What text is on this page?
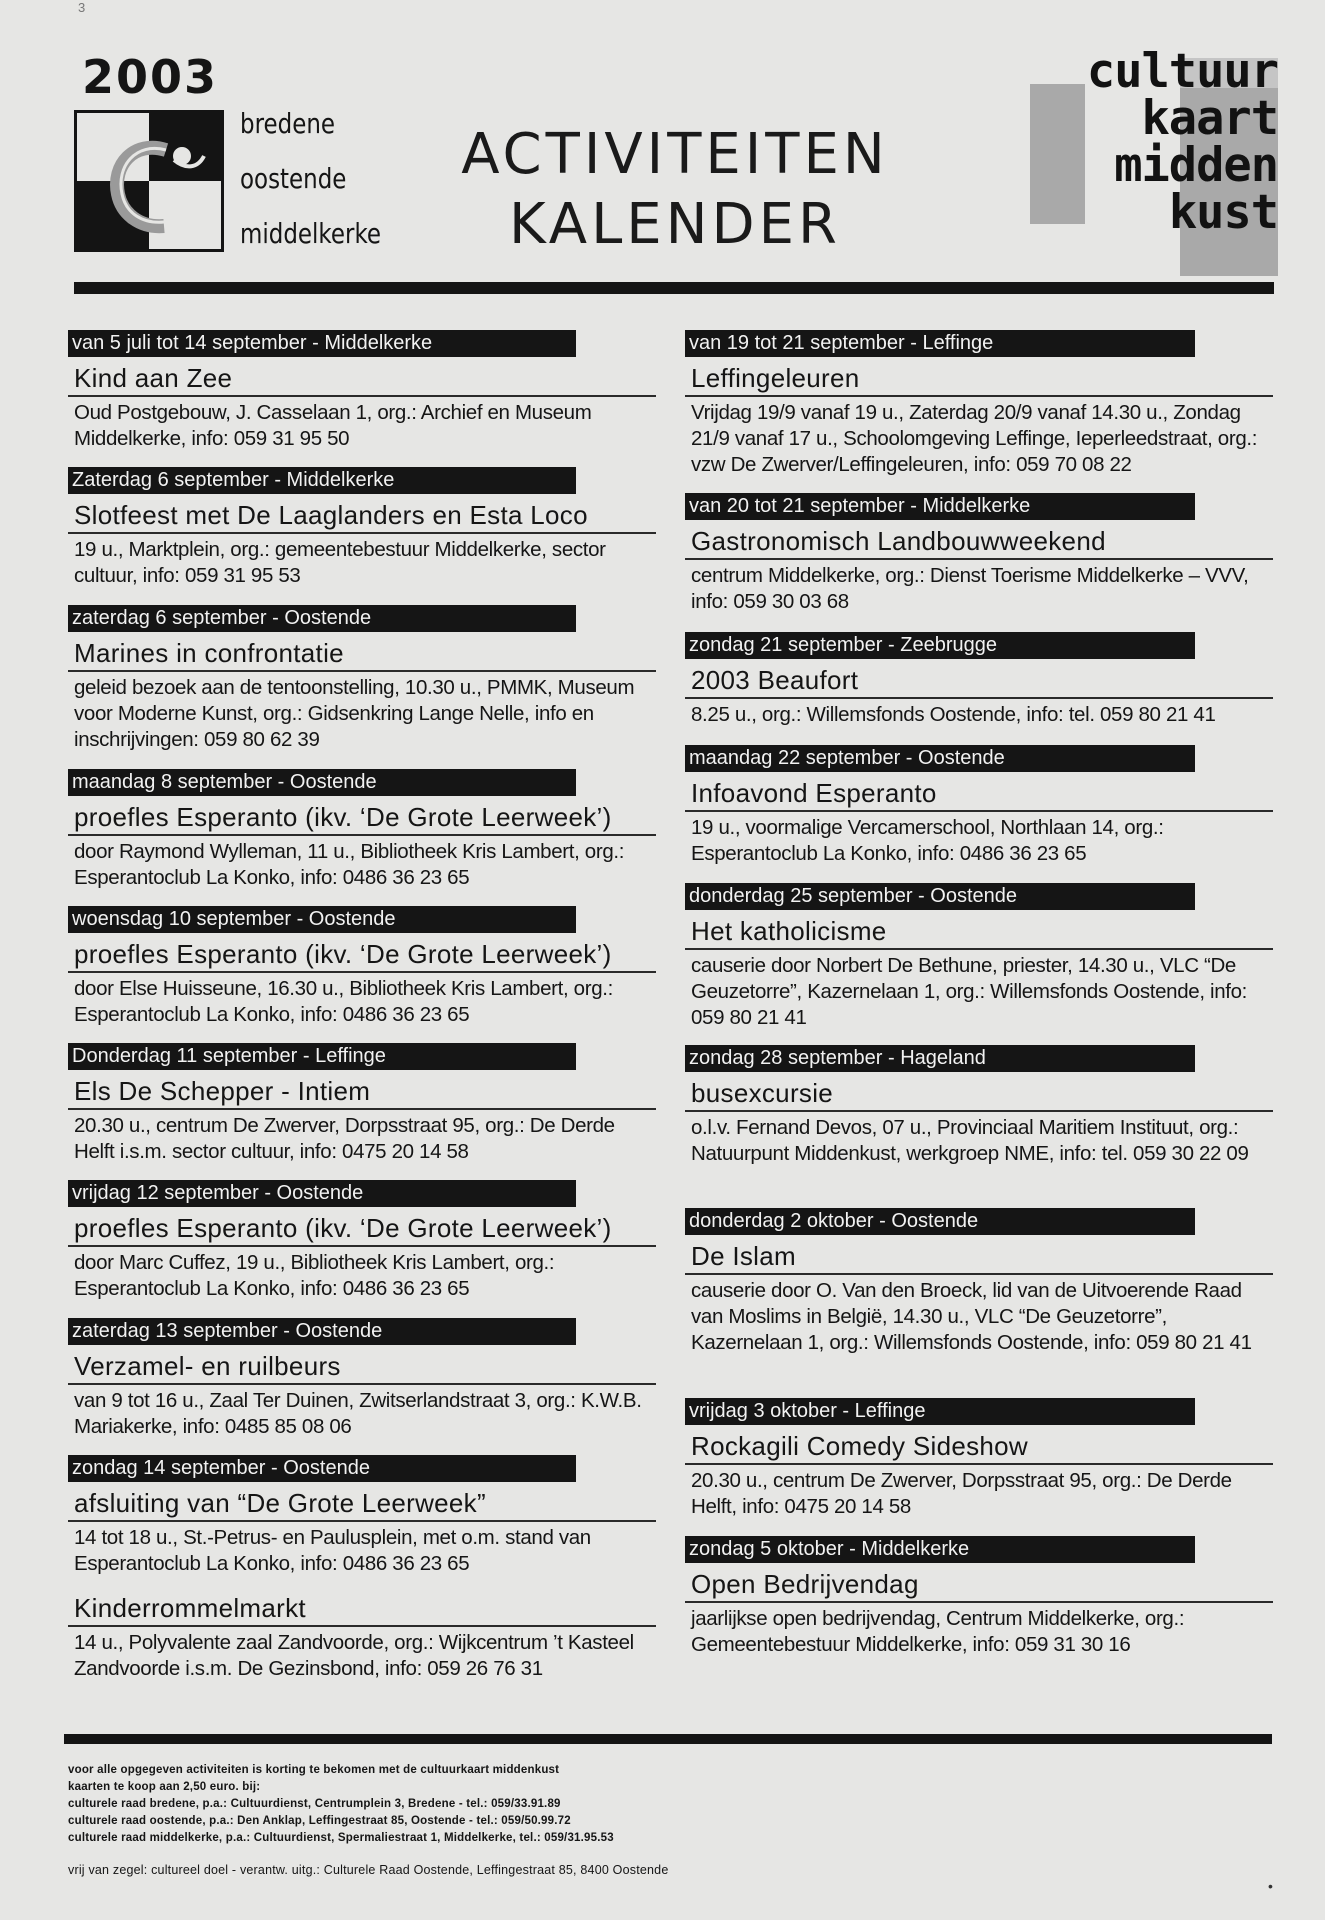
3
2003
bredene
oostende
middelkerke
ACTIVITEITEN
KALENDER
cultuur
kaart
midden
kust
van 5 juli tot 14 september - Middelkerke
Kind aan Zee
Oud Postgebouw, J. Casselaan 1, org.: Archief en Museum Middelkerke, info: 059 31 95 50
Zaterdag 6 september - Middelkerke
Slotfeest met De Laaglanders en Esta Loco
19 u., Marktplein, org.: gemeentebestuur Middelkerke, sector cultuur, info: 059 31 95 53
zaterdag 6 september - Oostende
Marines in confrontatie
geleid bezoek aan de tentoonstelling, 10.30 u., PMMK, Museum voor Moderne Kunst, org.: Gidsenkring Lange Nelle, info en inschrijvingen: 059 80 62 39
maandag 8 september - Oostende
proefles Esperanto (ikv. ‘De Grote Leerweek’)
door Raymond Wylleman, 11 u., Bibliotheek Kris Lambert, org.: Esperantoclub La Konko, info: 0486 36 23 65
woensdag 10 september - Oostende
proefles Esperanto (ikv. ‘De Grote Leerweek’)
door Else Huisseune, 16.30 u., Bibliotheek Kris Lambert, org.: Esperantoclub La Konko, info: 0486 36 23 65
Donderdag 11 september - Leffinge
Els De Schepper - Intiem
20.30 u., centrum De Zwerver, Dorpsstraat 95, org.: De Derde Helft i.s.m. sector cultuur, info: 0475 20 14 58
vrijdag 12 september - Oostende
proefles Esperanto (ikv. ‘De Grote Leerweek’)
door Marc Cuffez, 19 u., Bibliotheek Kris Lambert, org.: Esperantoclub La Konko, info: 0486 36 23 65
zaterdag 13 september - Oostende
Verzamel- en ruilbeurs
van 9 tot 16 u., Zaal Ter Duinen, Zwitserlandstraat 3, org.: K.W.B. Mariakerke, info: 0485 85 08 06
zondag 14 september - Oostende
afsluiting van “De Grote Leerweek”
14 tot 18 u., St.-Petrus- en Paulusplein, met o.m. stand van Esperantoclub La Konko, info: 0486 36 23 65
Kinderrommelmarkt
14 u., Polyvalente zaal Zandvoorde, org.: Wijkcentrum ’t Kasteel Zandvoorde i.s.m. De Gezinsbond, info: 059 26 76 31
van 19 tot 21 september - Leffinge
Leffingeleuren
Vrijdag 19/9 vanaf 19 u., Zaterdag 20/9 vanaf 14.30 u., Zondag 21/9 vanaf 17 u., Schoolomgeving Leffinge, Ieperleedstraat, org.: vzw De Zwerver/Leffingeleuren, info: 059 70 08 22
van 20 tot 21 september - Middelkerke
Gastronomisch Landbouwweekend
centrum Middelkerke, org.: Dienst Toerisme Middelkerke – VVV, info: 059 30 03 68
zondag 21 september - Zeebrugge
2003 Beaufort
8.25 u., org.: Willemsfonds Oostende, info: tel. 059 80 21 41
maandag 22 september - Oostende
Infoavond Esperanto
19 u., voormalige Vercamerschool, Northlaan 14, org.: Esperantoclub La Konko, info: 0486 36 23 65
donderdag 25 september - Oostende
Het katholicisme
causerie door Norbert De Bethune, priester, 14.30 u., VLC “De Geuzetorre”, Kazernelaan 1, org.: Willemsfonds Oostende, info: 059 80 21 41
zondag 28 september - Hageland
busexcursie
o.l.v. Fernand Devos, 07 u., Provinciaal Maritiem Instituut, org.: Natuurpunt Middenkust, werkgroep NME, info: tel. 059 30 22 09
donderdag 2 oktober - Oostende
De Islam
causerie door O. Van den Broeck, lid van de Uitvoerende Raad van Moslims in België, 14.30 u., VLC “De Geuzetorre”, Kazernelaan 1, org.: Willemsfonds Oostende, info: 059 80 21 41
vrijdag 3 oktober - Leffinge
Rockagili Comedy Sideshow
20.30 u., centrum De Zwerver, Dorpsstraat 95, org.: De Derde Helft, info: 0475 20 14 58
zondag 5 oktober - Middelkerke
Open Bedrijvendag
jaarlijkse open bedrijvendag, Centrum Middelkerke, org.: Gemeentebestuur Middelkerke, info: 059 31 30 16
voor alle opgegeven activiteiten is korting te bekomen met de cultuurkaart middenkust
kaarten te koop aan 2,50 euro. bij:
culturele raad bredene, p.a.: Cultuurdienst, Centrumplein 3, Bredene - tel.: 059/33.91.89
culturele raad oostende, p.a.: Den Anklap, Leffingestraat 85, Oostende - tel.: 059/50.99.72
culturele raad middelkerke, p.a.: Cultuurdienst, Spermaliestraat 1, Middelkerke, tel.: 059/31.95.53
vrij van zegel: cultureel doel - verantw. uitg.: Culturele Raad Oostende, Leffingestraat 85, 8400 Oostende
•
